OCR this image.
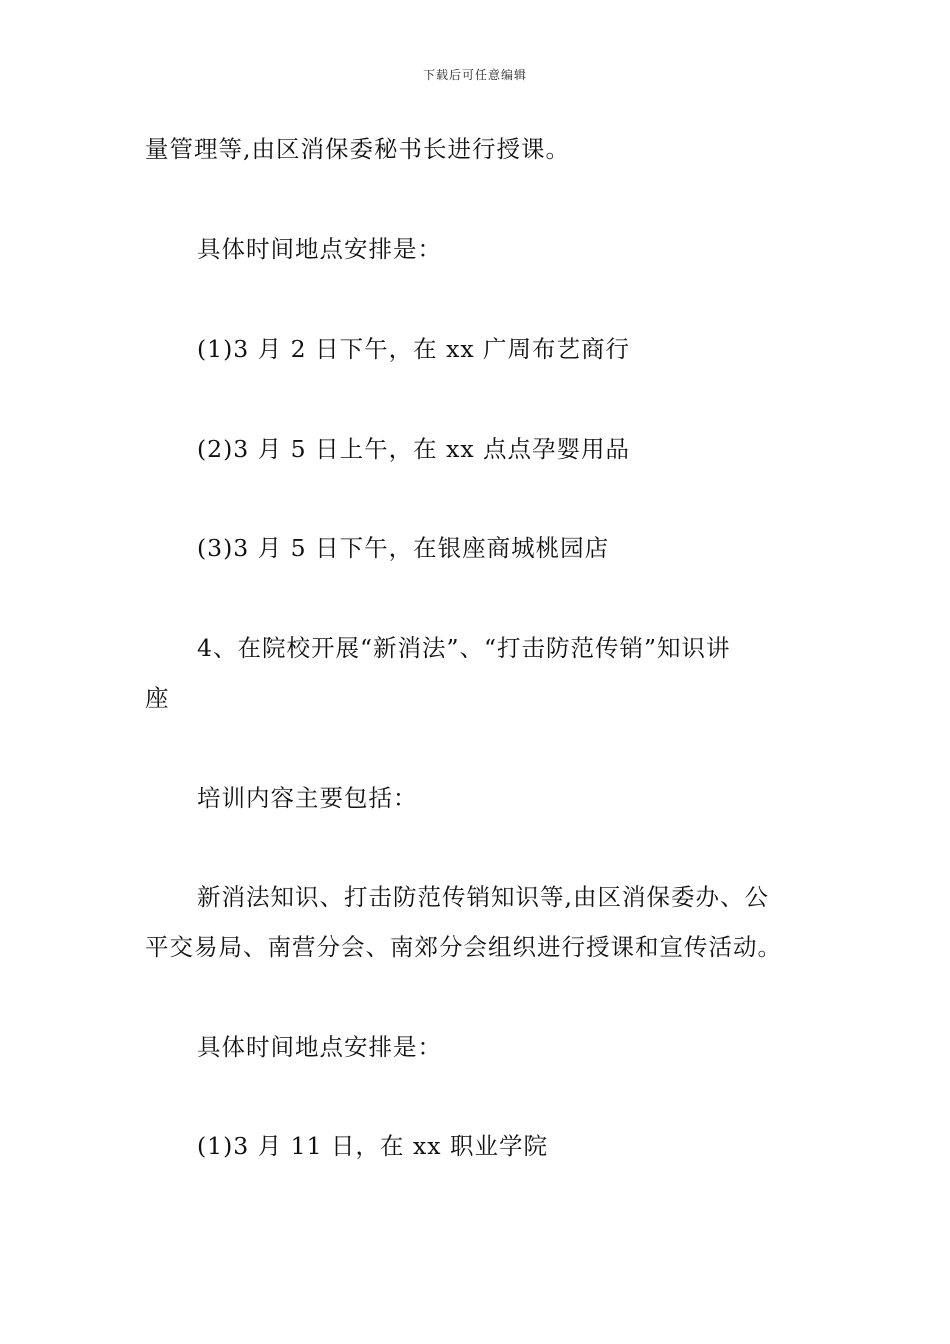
下载后可任意编辑
量管理等,由区消保委秘书长进行授课。
具体时间地点安排是：
(1)3 月 2 日下午，在 xx 广周布艺商行
(2)3 月 5 日上午，在 xx 点点孕婴用品
(3)3 月 5 日下午，在银座商城桃园店
4、在院校开展“新消法”、“打击防范传销”知识讲
座
培训内容主要包括：
新消法知识、打击防范传销知识等,由区消保委办、公
平交易局、南营分会、南郊分会组织进行授课和宣传活动。
具体时间地点安排是：
(1)3 月 11 日，在 xx 职业学院
